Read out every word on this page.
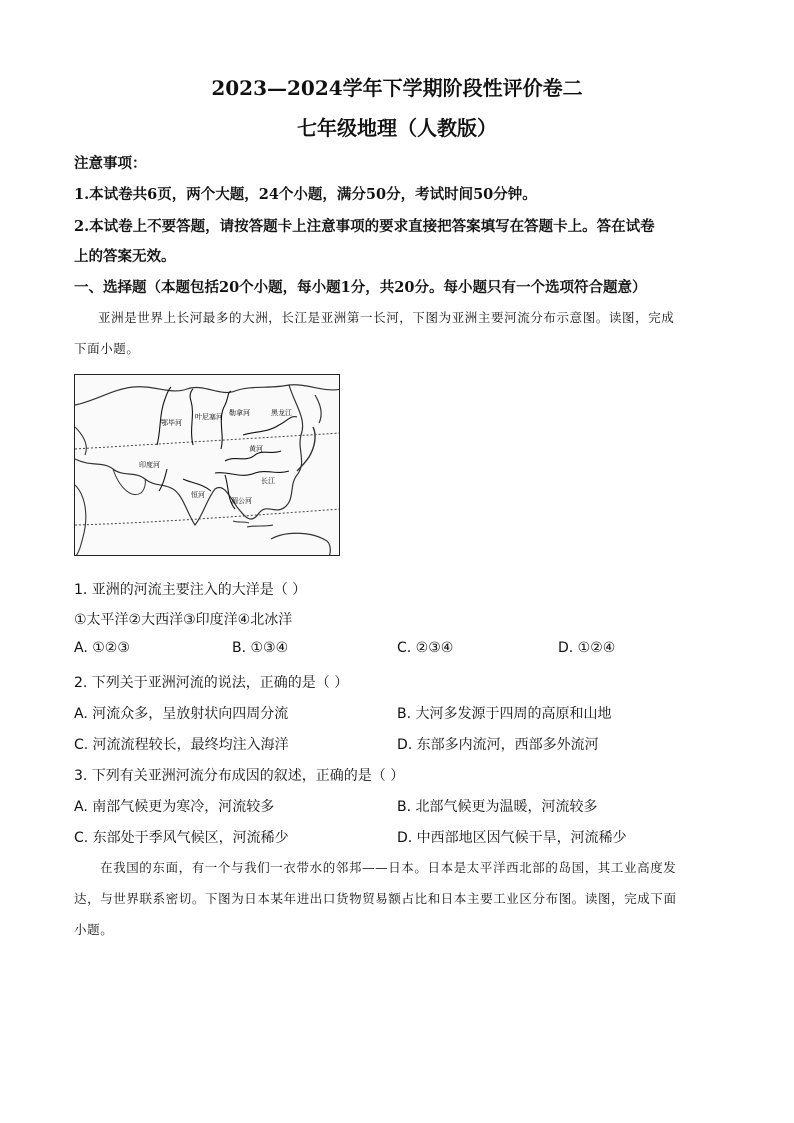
2023—2024学年下学期阶段性评价卷二
七年级地理（人教版）
注意事项：
1.本试卷共6页，两个大题，24个小题，满分50分，考试时间50分钟。
2.本试卷上不要答题，请按答题卡上注意事项的要求直接把答案填写在答题卡上。答在试卷
上的答案无效。
一、选择题（本题包括20个小题，每小题1分，共20分。每小题只有一个选项符合题意）
亚洲是世界上长河最多的大洲，长江是亚洲第一长河，下图为亚洲主要河流分布示意图。读图，完成
下面小题。
鄂毕河
叶尼塞河 勒拿河	黑龙江
黄河
长江
湄公河
恒河
印度河
1. 亚洲的河流主要注入的大洋是（ ）
①太平洋②大西洋③印度洋④北冰洋
A. ①②③	B. ①③④	C. ②③④	D. ①②④
2. 下列关于亚洲河流的说法，正确的是（ ）
A. 河流众多，呈放射状向四周分流	B. 大河多发源于四周的高原和山地
C. 河流流程较长，最终均注入海洋	D. 东部多内流河，西部多外流河
3. 下列有关亚洲河流分布成因的叙述，正确的是（ ）
A. 南部气候更为寒冷，河流较多	B. 北部气候更为温暖，河流较多
C. 东部处于季风气候区，河流稀少	D. 中西部地区因气候干旱，河流稀少
在我国的东面，有一个与我们一衣带水的邻邦——日本。日本是太平洋西北部的岛国，其工业高度发
达，与世界联系密切。下图为日本某年进出口货物贸易额占比和日本主要工业区分布图。读图，完成下面
小题。
